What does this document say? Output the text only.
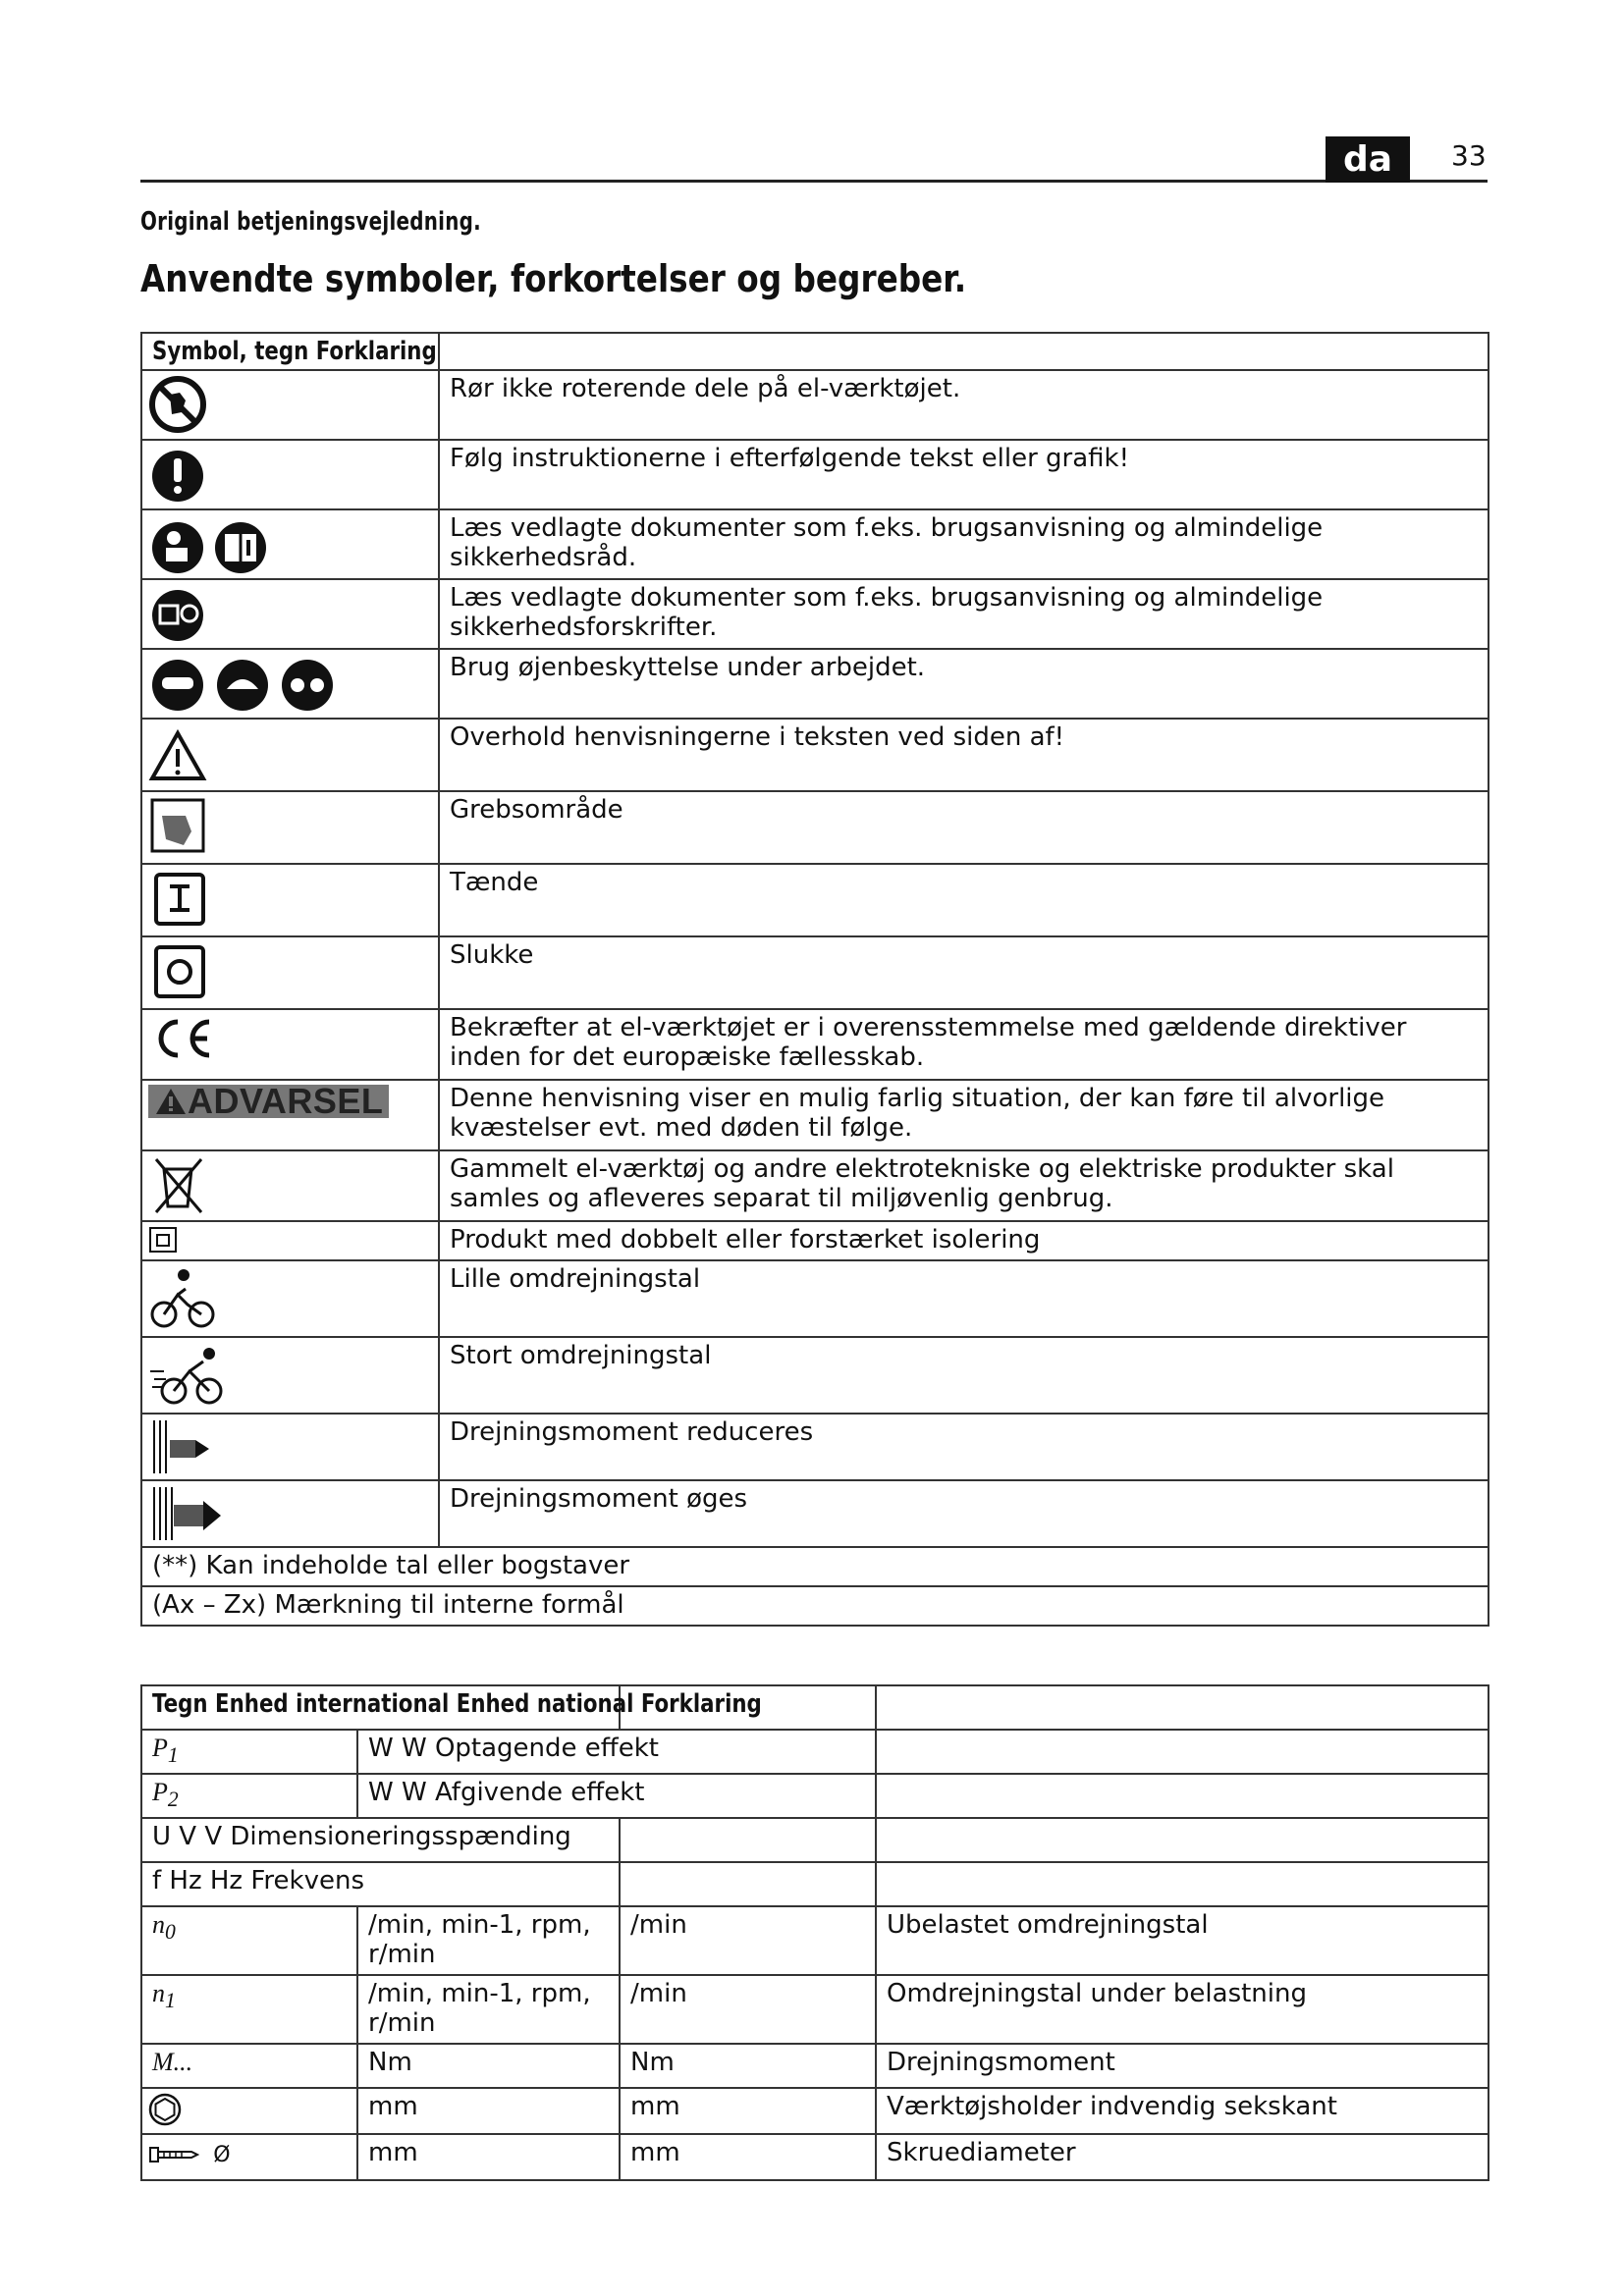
da	33
Original betjeningsvejledning.
Anvendte symboler, forkortelser og begreber.
Symbol, tegn Forklaring	

	Rør ikke roterende dele på el-værktøjet.

	Følg instruktionerne i efterfølgende tekst eller grafik!

	Læs vedlagte dokumenter som f.eks. brugsanvisning og almindelige sikkerhedsråd.

	Læs vedlagte dokumenter som f.eks. brugsanvisning og almindelige sikkerhedsforskrifter.

	Brug øjenbeskyttelse under arbejdet.

	Overhold henvisningerne i teksten ved siden af!

	Grebsområde

	Tænde

	Slukke

	Bekræfter at el-værktøjet er i overensstemmelse med gældende direktiver inden for det europæiske fællesskab.

ADVARSEL	Denne henvisning viser en mulig farlig situation, der kan føre til alvorlige kvæstelser evt. med døden til følge.

	Gammelt el-værktøj og andre elektrotekniske og elektriske produkter skal samles og afleveres separat til miljøvenlig genbrug.

	Produkt med dobbelt eller forstærket isolering

	Lille omdrejningstal

	Stort omdrejningstal

	Drejningsmoment reduceres

	Drejningsmoment øges
(**) Kan indeholde tal eller bogstaver	
(Ax – Zx) Mærkning til interne formål	
Tegn Enhed international Enhed national Forklaring			
$P_1$	W W Optagende effekt		
$P_2$	W W Afgivende effekt		
U V V Dimensioneringsspænding			
f Hz Hz Frekvens			
$n_0$	/min, min-1, rpm, r/min	/min	Ubelastet omdrejningstal
$n_1$	/min, min-1, rpm, r/min	/min	Omdrejningstal under belastning
M...	Nm	Nm	Drejningsmoment

	mm	mm	Værktøjsholder indvendig sekskant
Ø	mm	mm	Skruediameter
